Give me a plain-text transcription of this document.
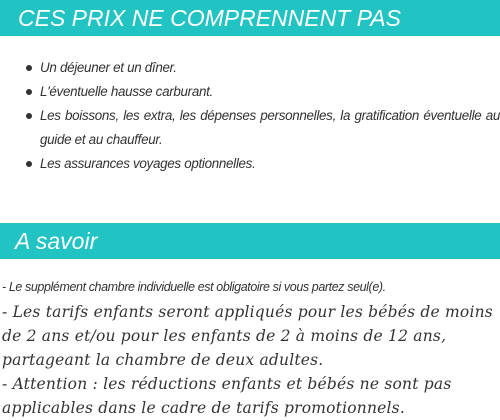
CES PRIX NE COMPRENNENT PAS
Un déjeuner et un dîner.
L'éventuelle hausse carburant.
Les boissons, les extra, les dépenses personnelles, la gratification éventuelle au guide et au chauffeur.
Les assurances voyages optionnelles.
A savoir
- Le supplément chambre individuelle est obligatoire si vous partez seul(e).

- Les tarifs enfants seront appliqués pour les bébés de moins de 2 ans et/ou pour les enfants de 2 à moins de 12 ans, partageant la chambre de deux adultes.

- Attention : les réductions enfants et bébés ne sont pas applicables dans le cadre de tarifs promotionnels.
